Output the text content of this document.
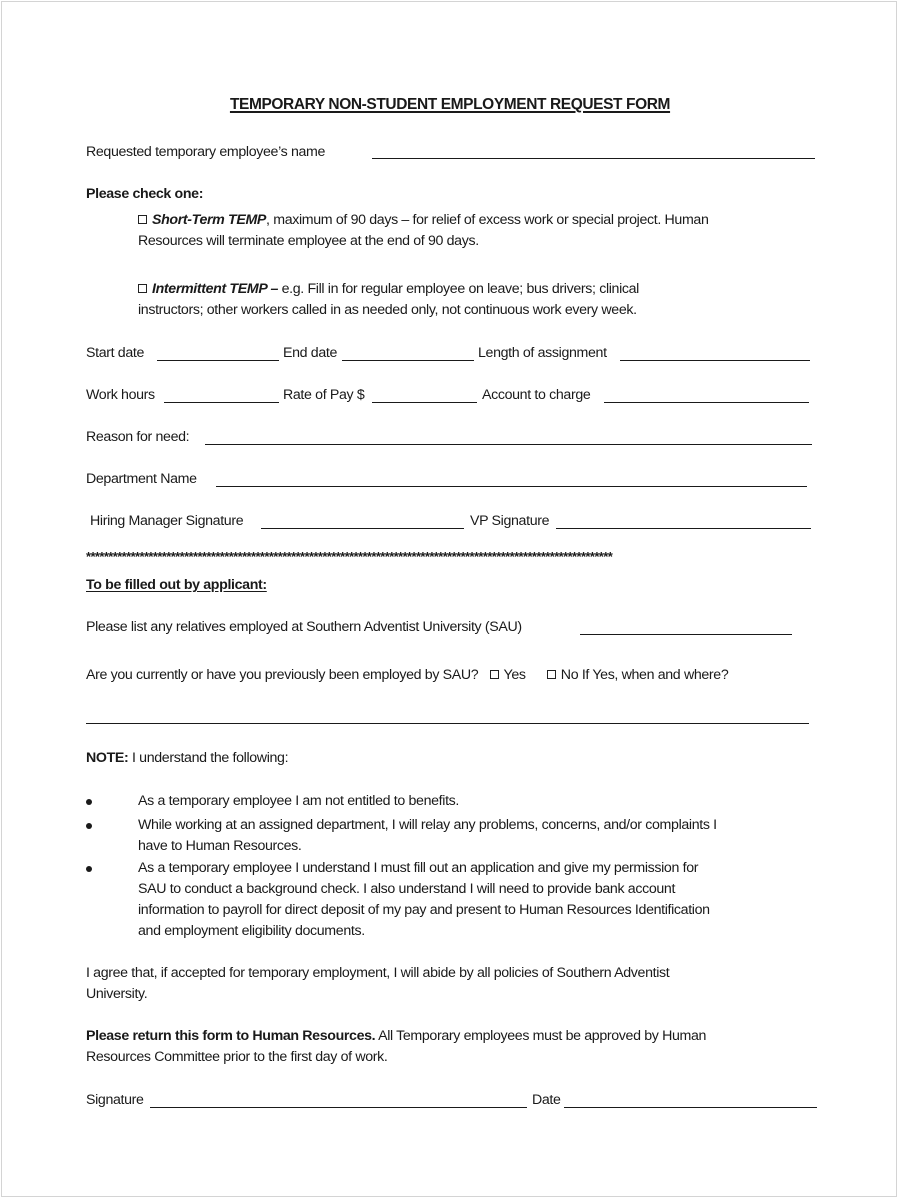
TEMPORARY NON-STUDENT EMPLOYMENT REQUEST FORM
Requested temporary employee’s name
Please check one:
Short-Term TEMP, maximum of 90 days – for relief of excess work or special project. Human
Resources will terminate employee at the end of 90 days.
Intermittent TEMP – e.g. Fill in for regular employee on leave; bus drivers; clinical
instructors; other workers called in as needed only, not continuous work every week.
Start date	End date	Length of assignment
Work hours	Rate of Pay $	Account to charge
Reason for need:
Department Name
Hiring Manager Signature	VP Signature
**********************************************************************************************************************
To be filled out by applicant:
Please list any relatives employed at Southern Adventist University (SAU)
Are you currently or have you previously been employed by SAU? Yes No If Yes, when and where?
NOTE: I understand the following:
As a temporary employee I am not entitled to benefits.
While working at an assigned department, I will relay any problems, concerns, and/or complaints I
have to Human Resources.
As a temporary employee I understand I must fill out an application and give my permission for
SAU to conduct a background check. I also understand I will need to provide bank account
information to payroll for direct deposit of my pay and present to Human Resources Identification
and employment eligibility documents.
I agree that, if accepted for temporary employment, I will abide by all policies of Southern Adventist
University.
Please return this form to Human Resources. All Temporary employees must be approved by Human
Resources Committee prior to the first day of work.
Signature	Date
